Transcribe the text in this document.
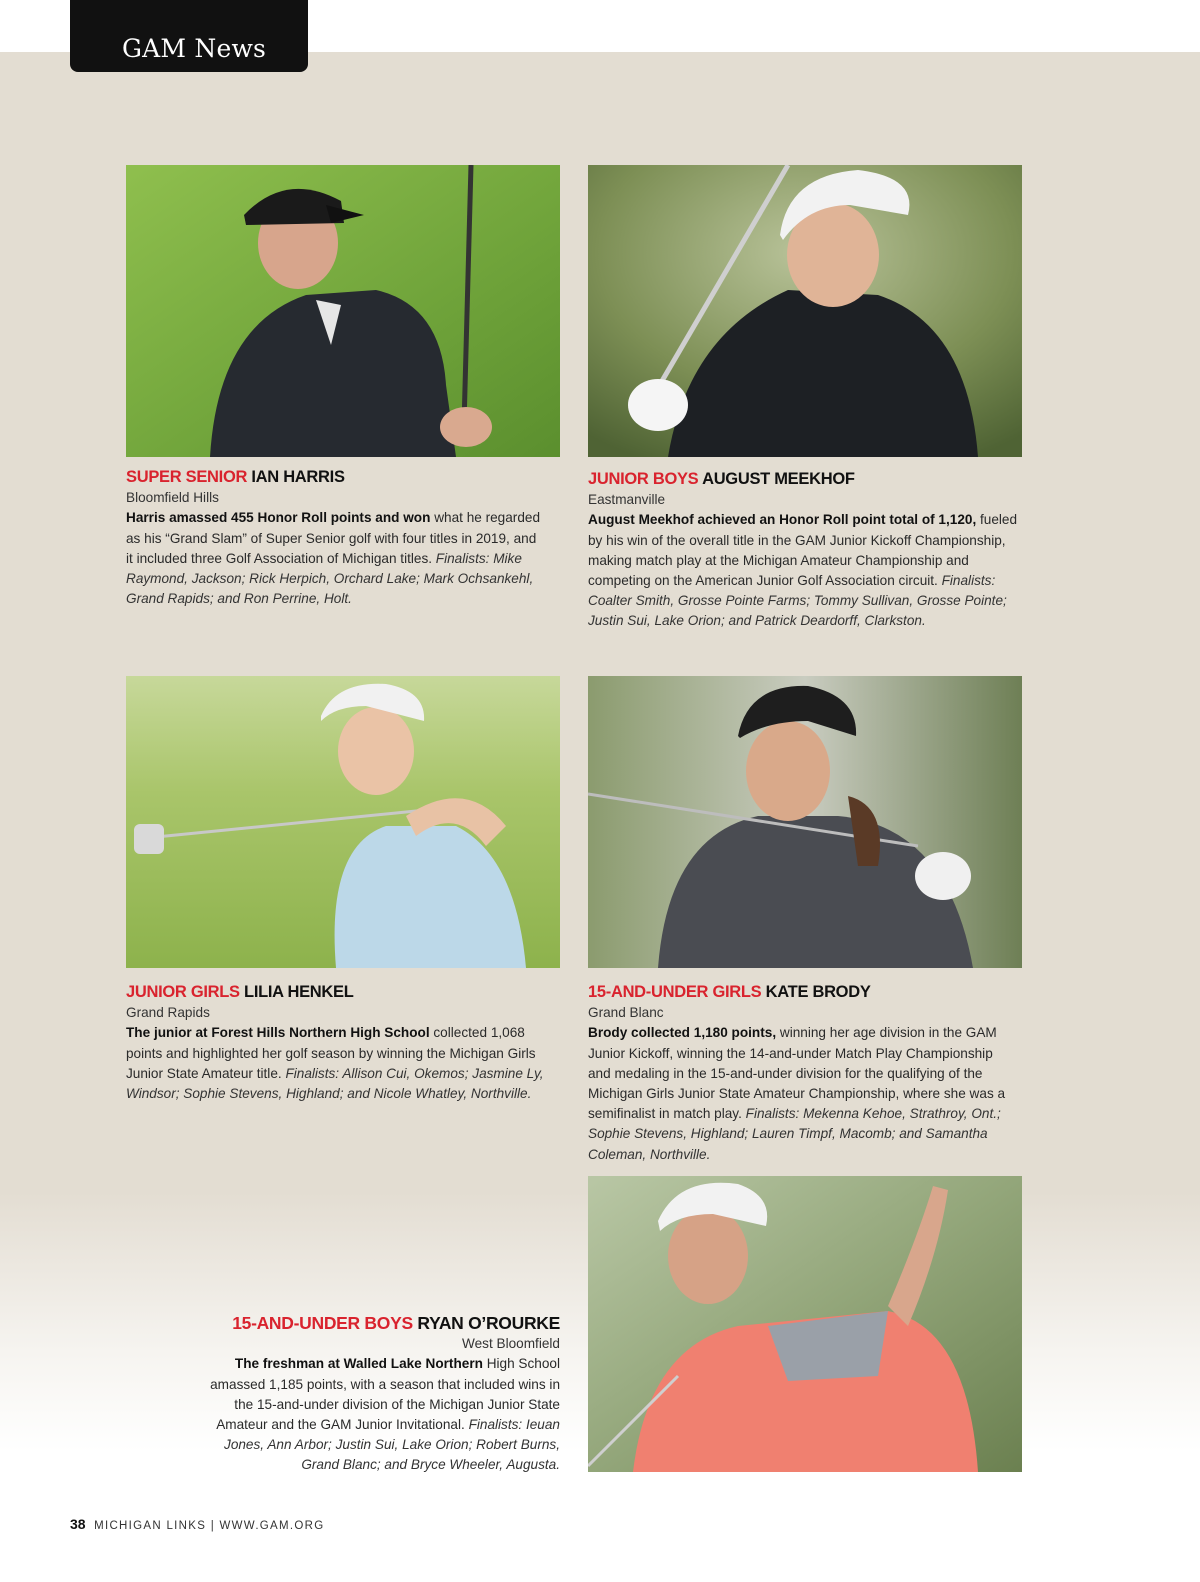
GAM News
SUPER SENIOR IAN HARRIS
Bloomfield Hills

Harris amassed 455 Honor Roll points and won what he regarded as his “Grand Slam” of Super Senior golf with four titles in 2019, and it included three Golf Association of Michigan titles. Finalists: Mike Raymond, Jackson; Rick Herpich, Orchard Lake; Mark Ochsankehl, Grand Rapids; and Ron Perrine, Holt.

JUNIOR BOYS AUGUST MEEKHOF
Eastmanville

August Meekhof achieved an Honor Roll point total of 1,120, fueled by his win of the overall title in the GAM Junior Kickoff Championship, making match play at the Michigan Amateur Championship and competing on the American Junior Golf Association circuit. Finalists: Coalter Smith, Grosse Pointe Farms; Tommy Sullivan, Grosse Pointe; Justin Sui, Lake Orion; and Patrick Deardorff, Clarkston.

JUNIOR GIRLS LILIA HENKEL
Grand Rapids

The junior at Forest Hills Northern High School collected 1,068 points and highlighted her golf season by winning the Michigan Girls Junior State Amateur title. Finalists: Allison Cui, Okemos; Jasmine Ly, Windsor; Sophie Stevens, Highland; and Nicole Whatley, Northville.

15-AND-UNDER GIRLS KATE BRODY
Grand Blanc

Brody collected 1,180 points, winning her age division in the GAM Junior Kickoff, winning the 14-and-under Match Play Championship and medaling in the 15-and-under division for the qualifying of the Michigan Girls Junior State Amateur Championship, where she was a semifinalist in match play. Finalists: Mekenna Kehoe, Strathroy, Ont.; Sophie Stevens, Highland; Lauren Timpf, Macomb; and Samantha Coleman, Northville.

15-AND-UNDER BOYS RYAN O’ROURKE
West Bloomfield

The freshman at Walled Lake Northern High School amassed 1,185 points, with a season that included wins in the 15-and-under division of the Michigan Junior State Amateur and the GAM Junior Invitational. Finalists: Ieuan Jones, Ann Arbor; Justin Sui, Lake Orion; Robert Burns, Grand Blanc; and Bryce Wheeler, Augusta.

38 MICHIGAN LINKS | WWW.GAM.ORG
